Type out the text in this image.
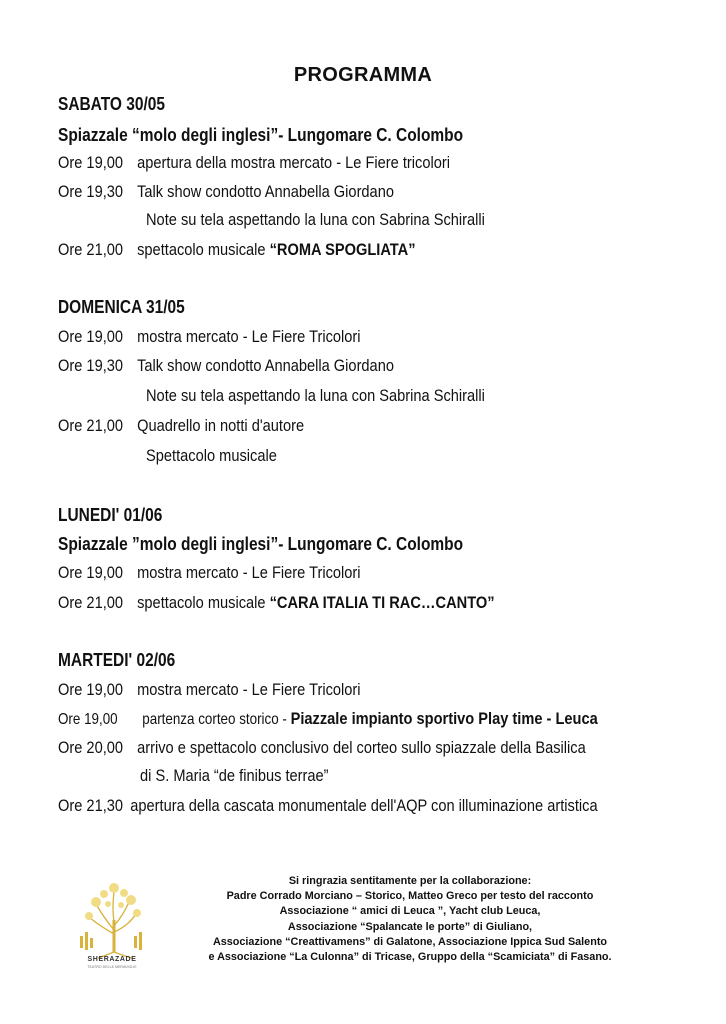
PROGRAMMA
SABATO 30/05
Spiazzale “molo degli inglesi”- Lungomare C. Colombo
Ore 19,00 apertura della mostra mercato - Le Fiere tricolori
Ore 19,30 Talk show condotto Annabella Giordano
Note su tela aspettando la luna con Sabrina Schiralli
Ore 21,00 spettacolo musicale “ROMA SPOGLIATA”
DOMENICA 31/05
Ore 19,00 mostra mercato - Le Fiere Tricolori
Ore 19,30 Talk show condotto Annabella Giordano
Note su tela aspettando la luna con Sabrina Schiralli
Ore 21,00 Quadrello in notti d'autore
Spettacolo musicale
LUNEDI' 01/06
Spiazzale ”molo degli inglesi”- Lungomare C. Colombo
Ore 19,00 mostra mercato - Le Fiere Tricolori
Ore 21,00 spettacolo musicale “CARA ITALIA TI RAC…CANTO”
MARTEDI' 02/06
Ore 19,00 mostra mercato - Le Fiere Tricolori
Ore 19,00 partenza corteo storico - Piazzale impianto sportivo Play time - Leuca
Ore 20,00 arrivo e spettacolo conclusivo del corteo sullo spiazzale della Basilica
di S. Maria “de finibus terrae”
Ore 21,30 apertura della cascata monumentale dell'AQP con illuminazione artistica
SHERAZADE
TEATRO DELLE MERAVIGLIE
Si ringrazia sentitamente per la collaborazione:
Padre Corrado Morciano – Storico, Matteo Greco per testo del racconto
Associazione “ amici di Leuca ”, Yacht club Leuca,
Associazione “Spalancate le porte” di Giuliano,
Associazione “Creattivamens” di Galatone, Associazione Ippica Sud Salento
e Associazione “La Culonna” di Tricase, Gruppo della “Scamiciata” di Fasano.
